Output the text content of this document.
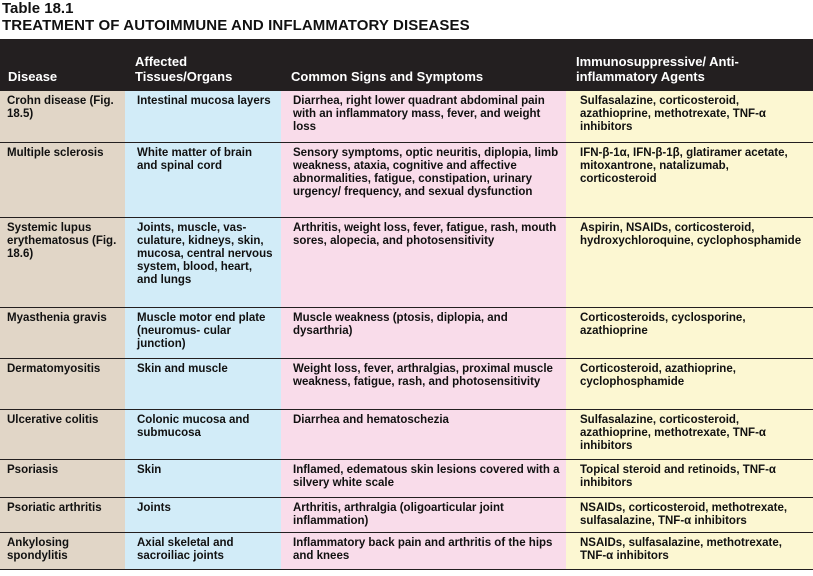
Table 18.1
TREATMENT OF AUTOIMMUNE AND INFLAMMATORY DISEASES
Disease	Affected Tissues/Organs	Common Signs and Symptoms	Immunosuppressive/ Anti-inflammatory Agents
Crohn disease (Fig. 18.5)	Intestinal mucosa layers	Diarrhea, right lower quadrant abdominal pain with an inflammatory mass, fever, and weight loss	Sulfasalazine, corticosteroid, azathioprine, methotrexate, TNF-α inhibitors
Multiple sclerosis	White matter of brain and spinal cord	Sensory symptoms, optic neuritis, diplopia, limb weakness, ataxia, cognitive and affective abnormalities, fatigue, constipation, urinary urgency/ frequency, and sexual dysfunction	IFN-β-1α, IFN-β-1β, glatiramer acetate, mitoxantrone, natalizumab, corticosteroid
Systemic lupus erythematosus (Fig. 18.6)	Joints, muscle, vas- culature, kidneys, skin, mucosa, central nervous system, blood, heart, and lungs	Arthritis, weight loss, fever, fatigue, rash, mouth sores, alopecia, and photosensitivity	Aspirin, NSAIDs, corticosteroid, hydroxychloroquine, cyclophosphamide
Myasthenia gravis	Muscle motor end plate (neuromus- cular junction)	Muscle weakness (ptosis, diplopia, and dysarthria)	Corticosteroids, cyclosporine, azathioprine
Dermatomyositis	Skin and muscle	Weight loss, fever, arthralgias, proximal muscle weakness, fatigue, rash, and photosensitivity	Corticosteroid, azathioprine, cyclophosphamide
Ulcerative colitis	Colonic mucosa and submucosa	Diarrhea and hematoschezia	Sulfasalazine, corticosteroid, azathioprine, methotrexate, TNF-α inhibitors
Psoriasis	Skin	Inflamed, edematous skin lesions covered with a silvery white scale	Topical steroid and retinoids, TNF-α inhibitors
Psoriatic arthritis	Joints	Arthritis, arthralgia (oligoarticular joint inflammation)	NSAIDs, corticosteroid, methotrexate, sulfasalazine, TNF-α inhibitors
Ankylosing spondylitis	Axial skeletal and sacroiliac joints	Inflammatory back pain and arthritis of the hips and knees	NSAIDs, sulfasalazine, methotrexate, TNF-α inhibitors
